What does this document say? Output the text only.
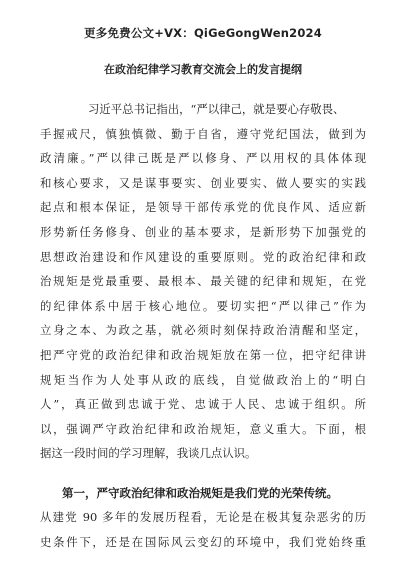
更多免费公文+VX：QiGeGongWen2024
在政治纪律学习教育交流会上的发言提纲
习近平总书记指出，“严以律己，就是要心存敬畏、
手握戒尺，慎独慎微、勤于自省，遵守党纪国法，做到为
政清廉。”严以律己既是严以修身、严以用权的具体体现
和核心要求，又是谋事要实、创业要实、做人要实的实践
起点和根本保证，是领导干部传承党的优良作风、适应新
形势新任务修身、创业的基本要求，是新形势下加强党的
思想政治建设和作风建设的重要原则。党的政治纪律和政
治规矩是党最重要、最根本、最关键的纪律和规矩，在党
的纪律体系中居于核心地位。要切实把“严以律己”作为
立身之本、为政之基，就必须时刻保持政治清醒和坚定，
把严守党的政治纪律和政治规矩放在第一位，把守纪律讲
规矩当作为人处事从政的底线，自觉做政治上的“明白
人”，真正做到忠诚于党、忠诚于人民、忠诚于组织。所
以，强调严守政治纪律和政治规矩，意义重大。下面，根
据这一段时间的学习理解，我谈几点认识。
第一，严守政治纪律和政治规矩是我们党的光荣传统。
从建党 90 多年的发展历程看，无论是在极其复杂恶劣的历
史条件下，还是在国际风云变幻的环境中，我们党始终重
